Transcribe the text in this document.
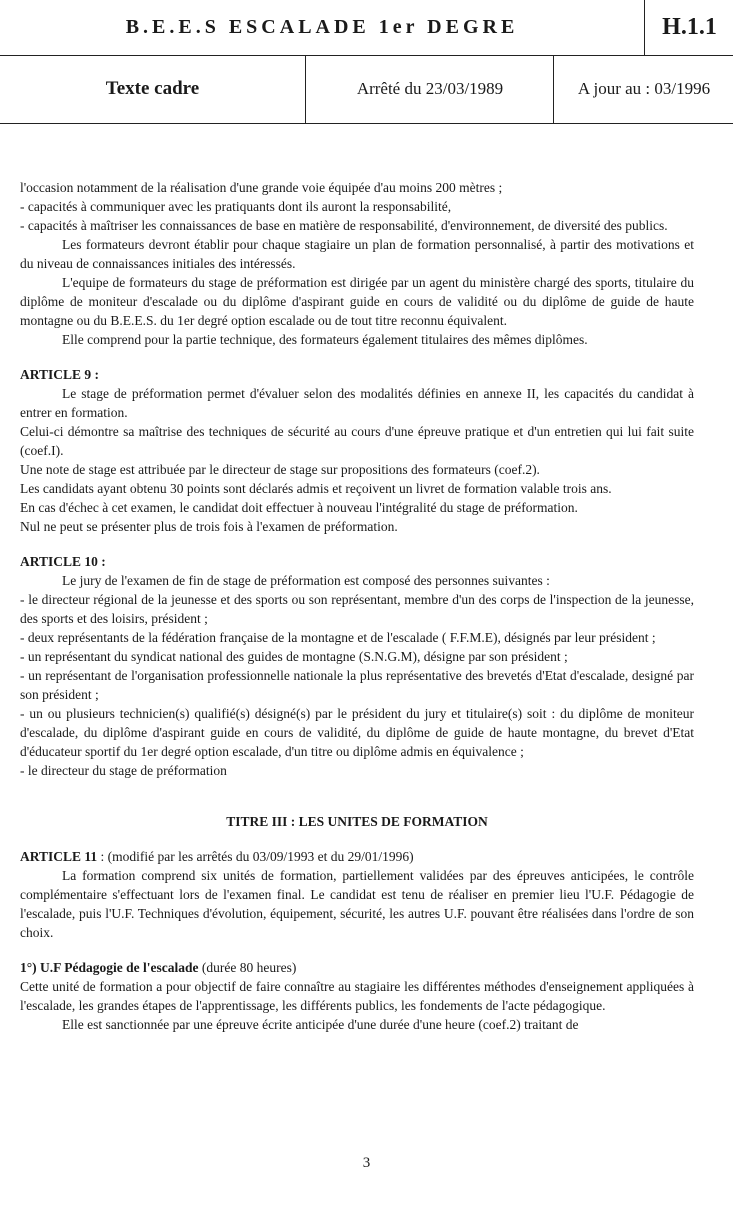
B.E.E.S ESCALADE 1er DEGRE	H.1.1
Texte cadre	Arrêté du 23/03/1989	A jour au : 03/1996

l'occasion notamment de la réalisation d'une grande voie équipée d'au moins 200 mètres ;

- capacités à communiquer avec les pratiquants dont ils auront la responsabilité,

- capacités à maîtriser les connaissances de base en matière de responsabilité, d'environnement, de diversité des publics.

Les formateurs devront établir pour chaque stagiaire un plan de formation personnalisé, à partir des motivations et du niveau de connaissances initiales des intéressés.

L'equipe de formateurs du stage de préformation est dirigée par un agent du ministère chargé des sports, titulaire du diplôme de moniteur d'escalade ou du diplôme d'aspirant guide en cours de validité ou du diplôme de guide de haute montagne ou du B.E.E.S. du 1er degré option escalade ou de tout titre reconnu équivalent.

Elle comprend pour la partie technique, des formateurs également titulaires des mêmes diplômes.

ARTICLE 9 :

Le stage de préformation permet d'évaluer selon des modalités définies en annexe II, les capacités du candidat à entrer en formation.

Celui-ci démontre sa maîtrise des techniques de sécurité au cours d'une épreuve pratique et d'un entretien qui lui fait suite (coef.I).

Une note de stage est attribuée par le directeur de stage sur propositions des formateurs (coef.2).

Les candidats ayant obtenu 30 points sont déclarés admis et reçoivent un livret de formation valable trois ans.

En cas d'échec à cet examen, le candidat doit effectuer à nouveau l'intégralité du stage de préformation.

Nul ne peut se présenter plus de trois fois à l'examen de préformation.

ARTICLE 10 :

Le jury de l'examen de fin de stage de préformation est composé des personnes suivantes :

- le directeur régional de la jeunesse et des sports ou son représentant, membre d'un des corps de l'inspection de la jeunesse, des sports et des loisirs, président ;

- deux représentants de la fédération française de la montagne et de l'escalade ( F.F.M.E), désignés par leur président ;

- un représentant du syndicat national des guides de montagne (S.N.G.M), désigne par son président ;

- un représentant de l'organisation professionnelle nationale la plus représentative des brevetés d'Etat d'escalade, designé par son président ;

- un ou plusieurs technicien(s) qualifié(s) désigné(s) par le président du jury et titulaire(s) soit : du diplôme de moniteur d'escalade, du diplôme d'aspirant guide en cours de validité, du diplôme de guide de haute montagne, du brevet d'Etat d'éducateur sportif du 1er degré option escalade, d'un titre ou diplôme admis en équivalence ;

- le directeur du stage de préformation

TITRE III : LES UNITES DE FORMATION

ARTICLE 11 : (modifié par les arrêtés du 03/09/1993 et du 29/01/1996)

La formation comprend six unités de formation, partiellement validées par des épreuves anticipées, le contrôle complémentaire s'effectuant lors de l'examen final. Le candidat est tenu de réaliser en premier lieu l'U.F. Pédagogie de l'escalade, puis l'U.F. Techniques d'évolution, équipement, sécurité, les autres U.F. pouvant être réalisées dans l'ordre de son choix.

1°) U.F Pédagogie de l'escalade (durée 80 heures)

Cette unité de formation a pour objectif de faire connaître au stagiaire les différentes méthodes d'enseignement appliquées à l'escalade, les grandes étapes de l'apprentissage, les différents publics, les fondements de l'acte pédagogique.

Elle est sanctionnée par une épreuve écrite anticipée d'une durée d'une heure (coef.2) traitant de

3
